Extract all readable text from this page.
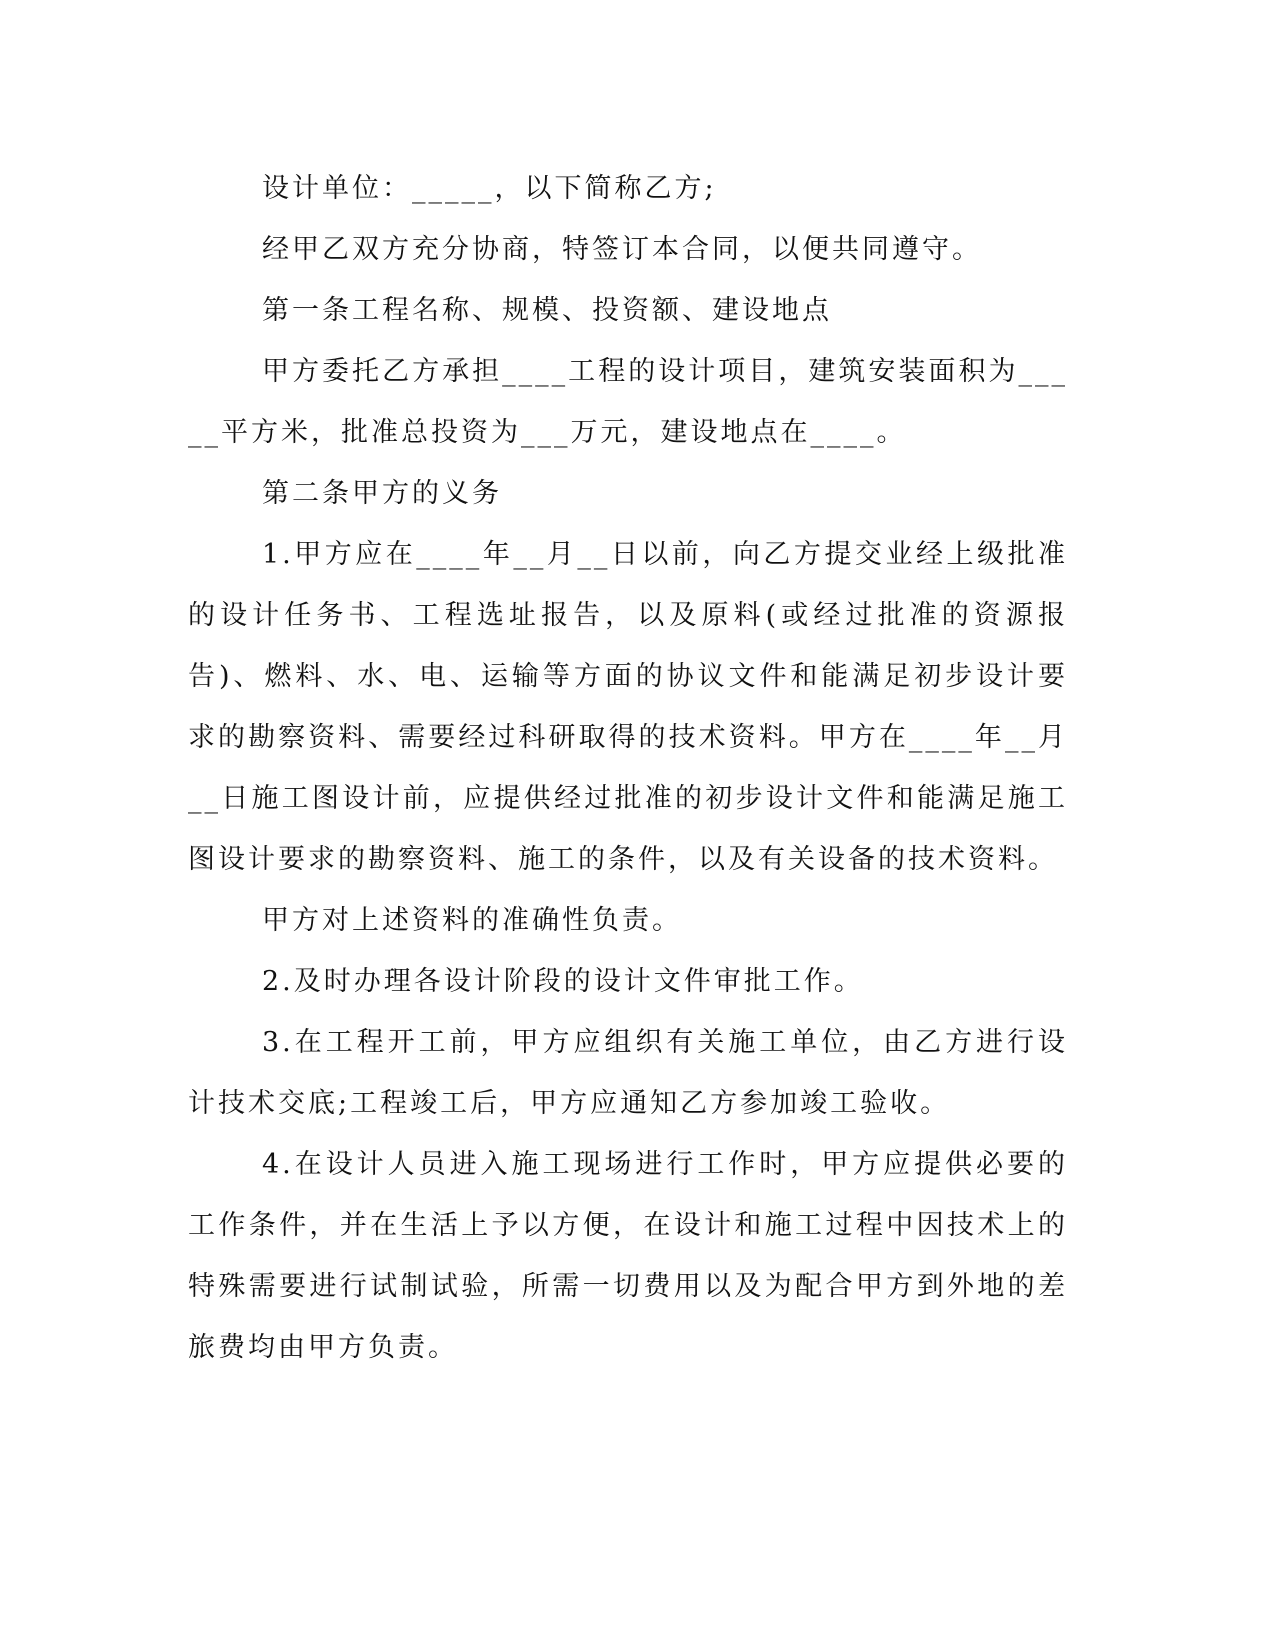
设计单位：_____，以下简称乙方;

经甲乙双方充分协商，特签订本合同，以便共同遵守。

第一条工程名称、规模、投资额、建设地点

甲方委托乙方承担____工程的设计项目，建筑安装面积为_____平方米，批准总投资为___万元，建设地点在____。

第二条甲方的义务

1.甲方应在____年__月__日以前，向乙方提交业经上级批准的设计任务书、工程选址报告，以及原料(或经过批准的资源报告)、燃料、水、电、运输等方面的协议文件和能满足初步设计要求的勘察资料、需要经过科研取得的技术资料。甲方在____年__月__日施工图设计前，应提供经过批准的初步设计文件和能满足施工图设计要求的勘察资料、施工的条件，以及有关设备的技术资料。

甲方对上述资料的准确性负责。

2.及时办理各设计阶段的设计文件审批工作。

3.在工程开工前，甲方应组织有关施工单位，由乙方进行设计技术交底;工程竣工后，甲方应通知乙方参加竣工验收。

4.在设计人员进入施工现场进行工作时，甲方应提供必要的工作条件，并在生活上予以方便，在设计和施工过程中因技术上的特殊需要进行试制试验，所需一切费用以及为配合甲方到外地的差旅费均由甲方负责。
